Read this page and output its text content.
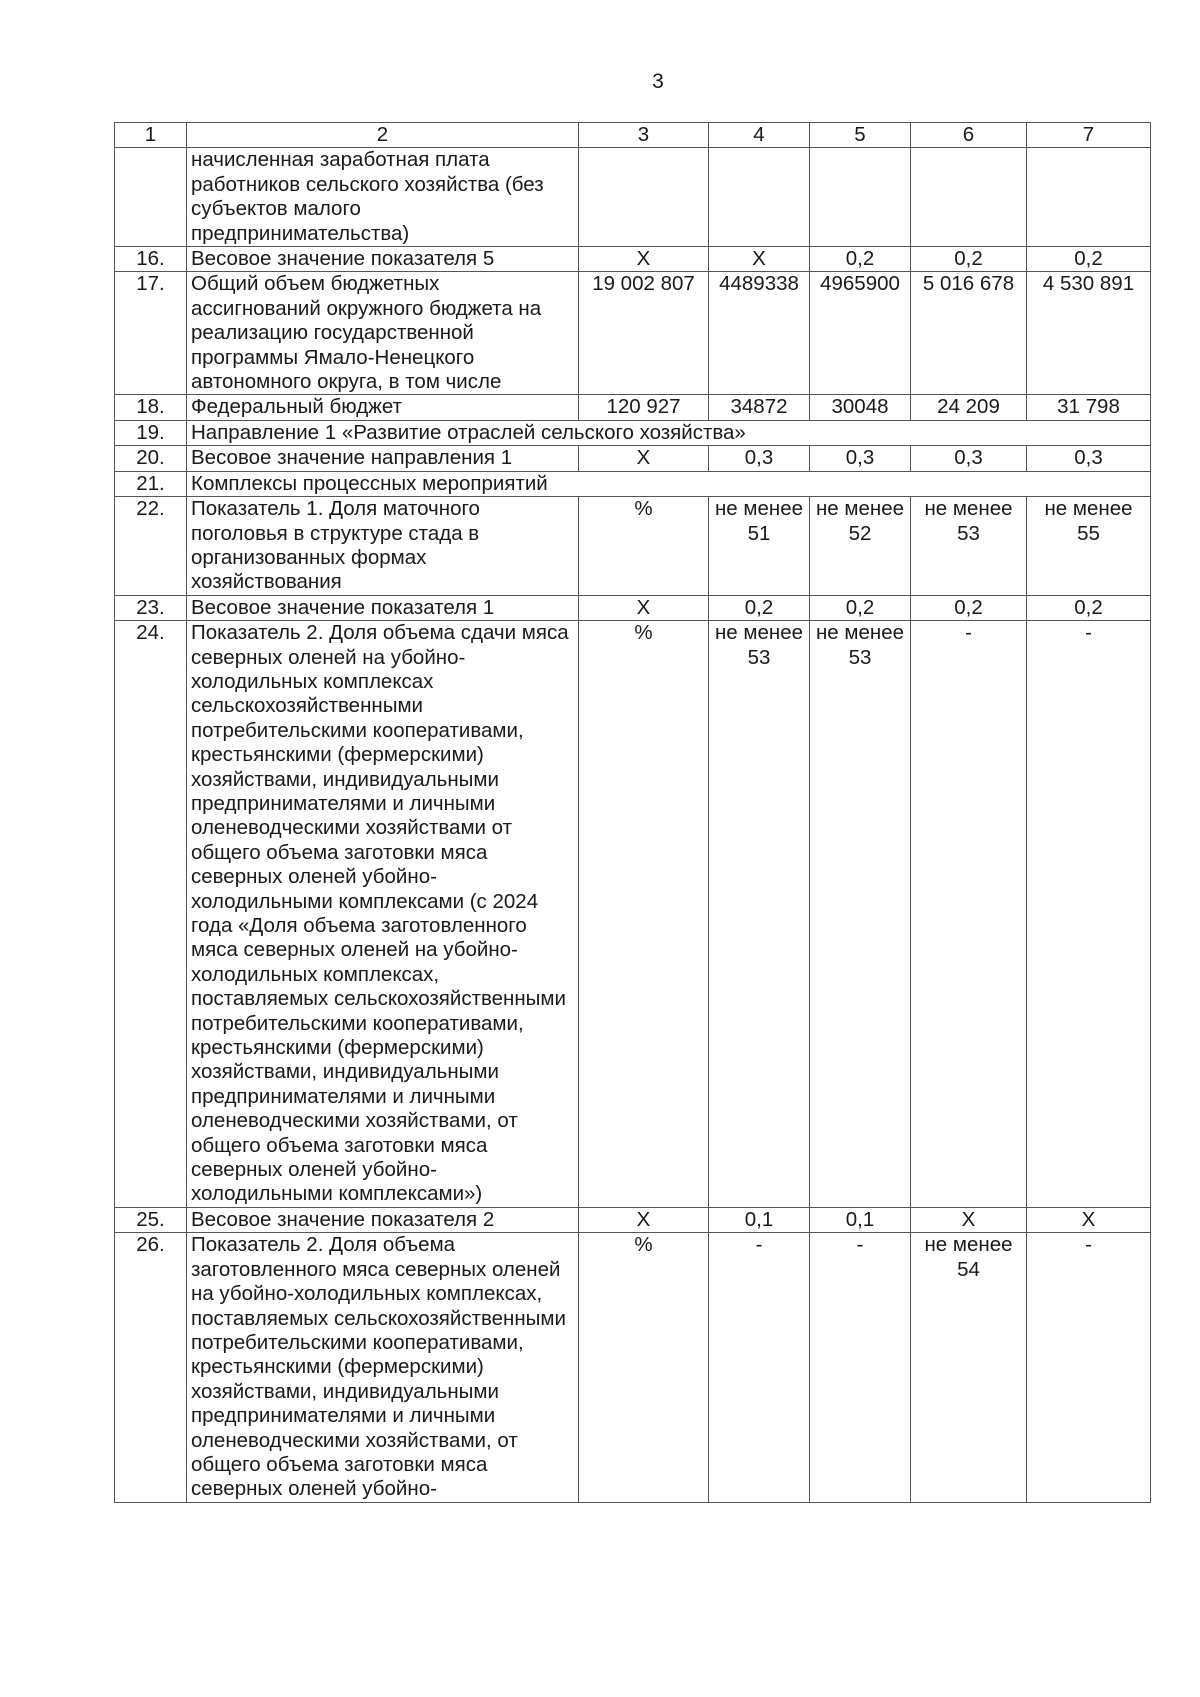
3
1	2	3	4	5	6	7
	начисленная заработная плата работников сельского хозяйства (без субъектов малого предпринимательства)					
16.	Весовое значение показателя 5	Х	Х	0,2	0,2	0,2
17.	Общий объем бюджетных ассигнований окружного бюджета на реализацию государственной программы Ямало-Ненецкого автономного округа, в том числе	19 002 807	4489338	4965900	5 016 678	4 530 891
18.	Федеральный бюджет	120 927	34872	30048	24 209	31 798
19.	Направление 1 «Развитие отраслей сельского хозяйства»					
20.	Весовое значение направления 1	Х	0,3	0,3	0,3	0,3
21.	Комплексы процессных мероприятий					
22.	Показатель 1. Доля маточного поголовья в структуре стада в организованных формах хозяйствования	%	не менее 51	не менее 52	не менее 53	не менее 55
23.	Весовое значение показателя 1	Х	0,2	0,2	0,2	0,2
24.	Показатель 2. Доля объема сдачи мяса северных оленей на убойно-холодильных комплексах сельскохозяйственными потребительскими кооперативами, крестьянскими (фермерскими) хозяйствами, индивидуальными предпринимателями и личными оленеводческими хозяйствами от общего объема заготовки мяса северных оленей убойно-холодильными комплексами (с 2024 года «Доля объема заготовленного мяса северных оленей на убойно-холодильных комплексах, поставляемых сельскохозяйственными потребительскими кооперативами, крестьянскими (фермерскими) хозяйствами, индивидуальными предпринимателями и личными оленеводческими хозяйствами, от общего объема заготовки мяса северных оленей убойно-холодильными комплексами»)	%	не менее 53	не менее 53	-	-
25.	Весовое значение показателя 2	Х	0,1	0,1	Х	Х
26.	Показатель 2. Доля объема заготовленного мяса северных оленей на убойно-холодильных комплексах, поставляемых сельскохозяйственными потребительскими кооперативами, крестьянскими (фермерскими) хозяйствами, индивидуальными предпринимателями и личными оленеводческими хозяйствами, от общего объема заготовки мяса северных оленей убойно-	%	-	-	не менее 54	-
